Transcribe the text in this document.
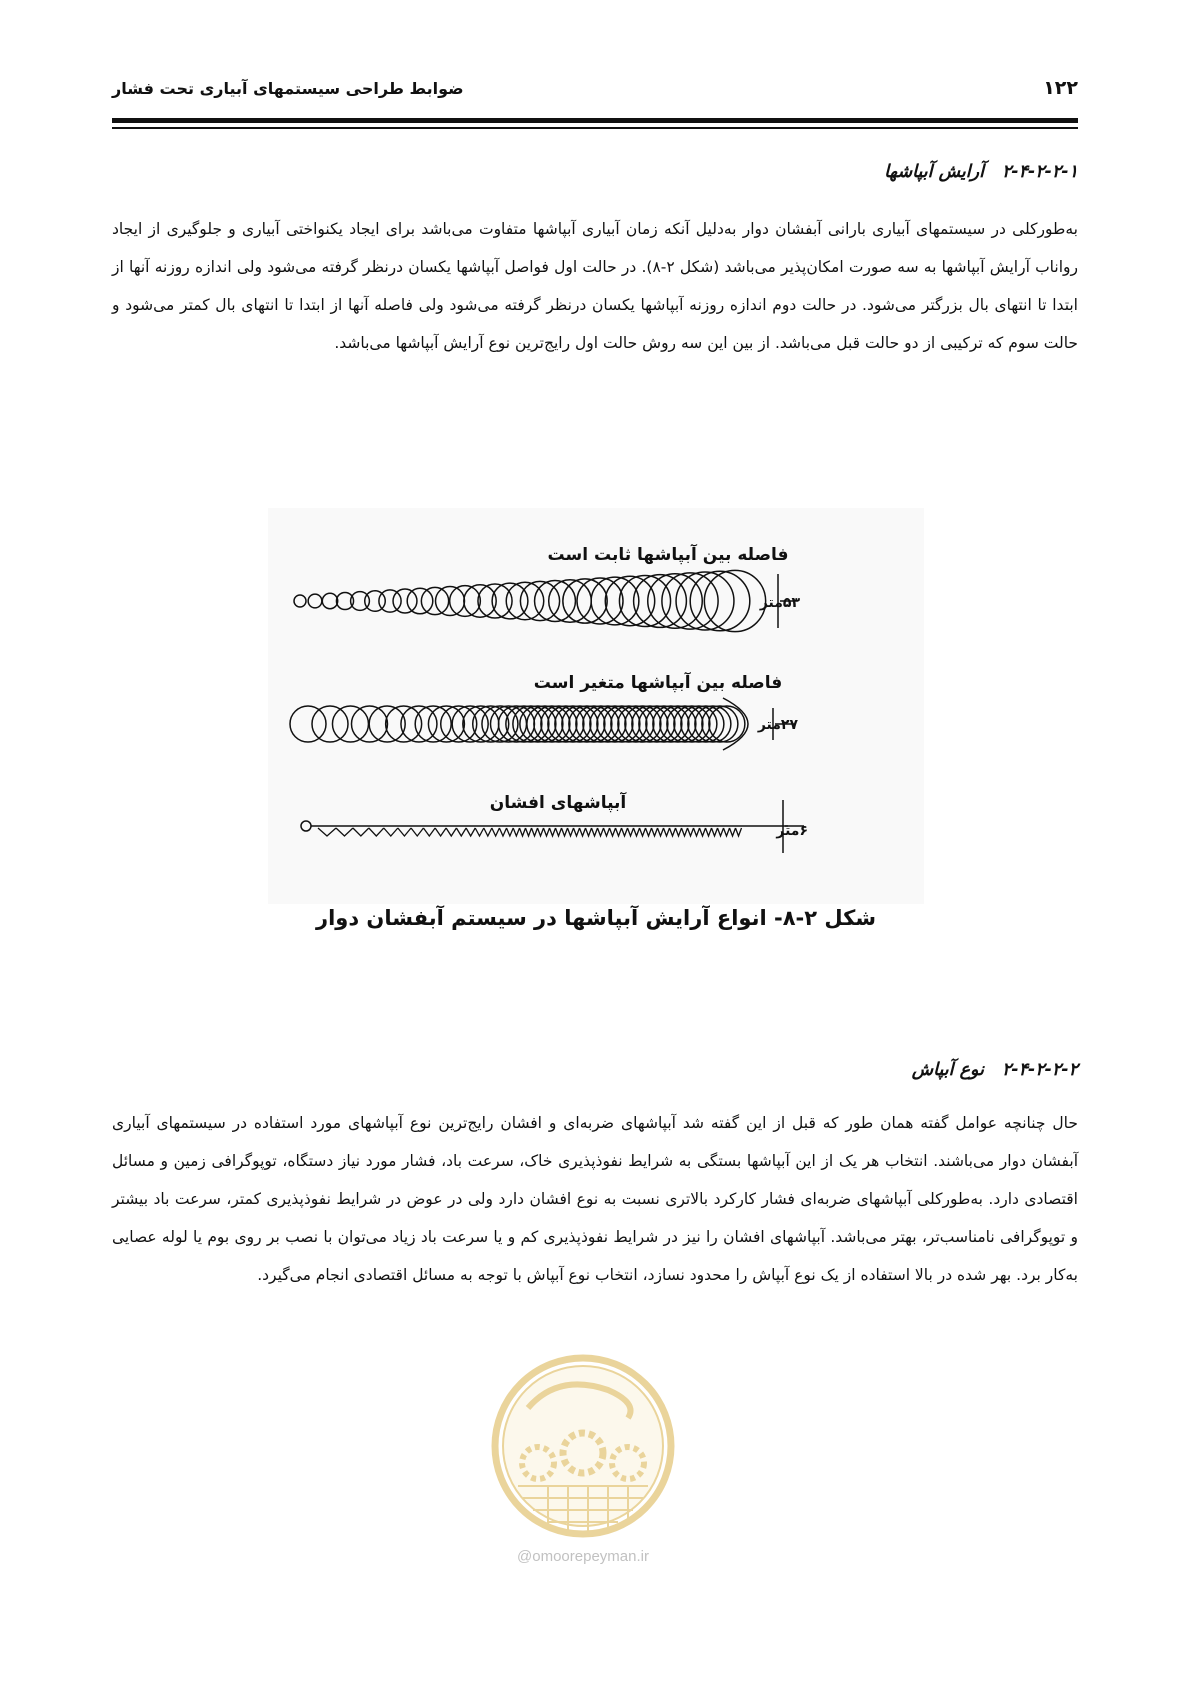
۱۲۲
ضوابط طراحی سیستمهای آبیاری تحت فشار
۲-۴-۲-۲-۱آرایش آبپاشها

به‌طورکلی در سیستمهای آبیاری بارانی آبفشان دوار به‌دلیل آنکه زمان آبیاری آبپاشها متفاوت می‌باشد برای ایجاد یکنواختی آبیاری و جلوگیری از ایجاد رواناب آرایش آبپاشها به سه صورت امکان‌پذیر می‌باشد (شکل ۲-۸). در حالت اول فواصل آبپاشها یکسان درنظر گرفته می‌شود ولی اندازه روزنه آنها از ابتدا تا انتهای بال بزرگتر می‌شود. در حالت دوم اندازه روزنه آبپاشها یکسان درنظر گرفته می‌شود ولی فاصله آنها از ابتدا تا انتهای بال کمتر می‌شود و حالت سوم که ترکیبی از دو حالت قبل می‌باشد. از بین این سه روش حالت اول رایج‌ترین نوع آرایش آبپاشها می‌باشد.

فاصله بین آبپاشها ثابت است
فاصله بین آبپاشها متغیر است
آبپاشهای افشان
۵۳متر
۲۷متر
۶متر
شکل ۲-۸- انواع آرایش آبپاشها در سیستم آبفشان دوار
۲-۴-۲-۲-۲نوع آبپاش

حال چنانچه عوامل گفته همان طور که قبل از این گفته شد آبپاشهای ضربه‌ای و افشان رایج‌ترین نوع آبپاشهای مورد استفاده در سیستمهای آبیاری آبفشان دوار می‌باشند. انتخاب هر یک از این آبپاشها بستگی به شرایط نفوذپذیری خاک، سرعت باد، فشار مورد نیاز دستگاه، توپوگرافی زمین و مسائل اقتصادی دارد. به‌طورکلی آبپاشهای ضربه‌ای فشار کارکرد بالاتری نسبت به نوع افشان دارد ولی در عوض در شرایط نفوذپذیری کمتر، سرعت باد بیشتر و توپوگرافی نامناسب‌تر، بهتر می‌باشد. آبپاشهای افشان را نیز در شرایط نفوذپذیری کم و یا سرعت باد زیاد می‌توان با نصب بر روی بوم یا لوله عصایی به‌کار برد. بهر شده در بالا استفاده از یک نوع آبپاش را محدود نسازد، انتخاب نوع آبپاش با توجه به مسائل اقتصادی انجام می‌گیرد.

@omoorepeyman.ir
